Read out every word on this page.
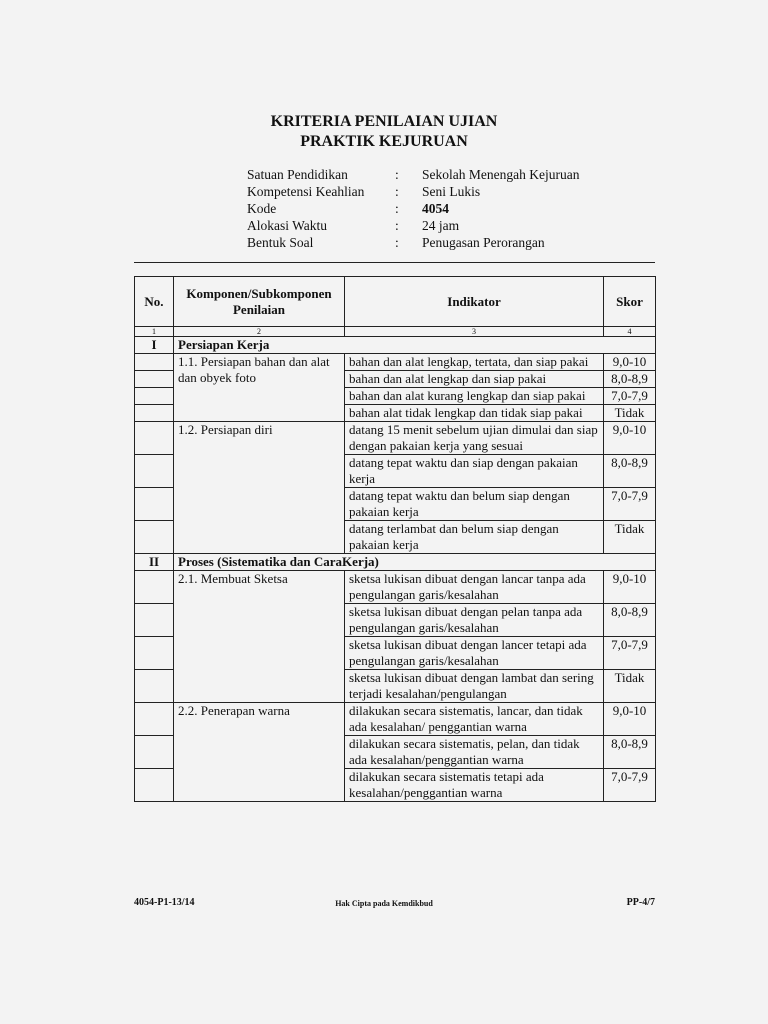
KRITERIA PENILAIAN UJIAN
PRAKTIK KEJURUAN
Satuan Pendidikan	: Sekolah Menengah Kejuruan
Kompetensi Keahlian : Seni Lukis
Kode	: 4054
Alokasi Waktu	: 24 jam
Bentuk Soal	: Penugasan Perorangan
No.	Komponen/Subkomponen Penilaian	Indikator	Skor
1	2	3	4
I	Persiapan Kerja		
	1.1. Persiapan bahan dan alat dan obyek foto	bahan dan alat lengkap, tertata, dan siap pakai	9,0-10
		bahan dan alat lengkap dan siap pakai	8,0-8,9
		bahan dan alat kurang lengkap dan siap pakai	7,0-7,9
		bahan alat tidak lengkap dan tidak siap pakai	Tidak
	1.2. Persiapan diri	datang 15 menit sebelum ujian dimulai dan siap dengan pakaian kerja yang sesuai	9,0-10
		datang tepat waktu dan siap dengan pakaian kerja	8,0-8,9
		datang tepat waktu dan belum siap dengan pakaian kerja	7,0-7,9
		datang terlambat dan belum siap dengan pakaian kerja	Tidak
II	Proses (Sistematika dan CaraKerja)		
	2.1. Membuat Sketsa	sketsa lukisan dibuat dengan lancar tanpa ada pengulangan garis/kesalahan	9,0-10
		sketsa lukisan dibuat dengan pelan tanpa ada pengulangan garis/kesalahan	8,0-8,9
		sketsa lukisan dibuat dengan lancer tetapi ada pengulangan garis/kesalahan	7,0-7,9
		sketsa lukisan dibuat dengan lambat dan sering terjadi kesalahan/pengulangan	Tidak
	2.2. Penerapan warna	dilakukan secara sistematis, lancar, dan tidak ada kesalahan/ penggantian warna	9,0-10
		dilakukan secara sistematis, pelan, dan tidak ada kesalahan/penggantian warna	8,0-8,9
		dilakukan secara sistematis tetapi ada kesalahan/penggantian warna	7,0-7,9
4054-P1-13/14	Hak Cipta pada Kemdikbud	PP-4/7
